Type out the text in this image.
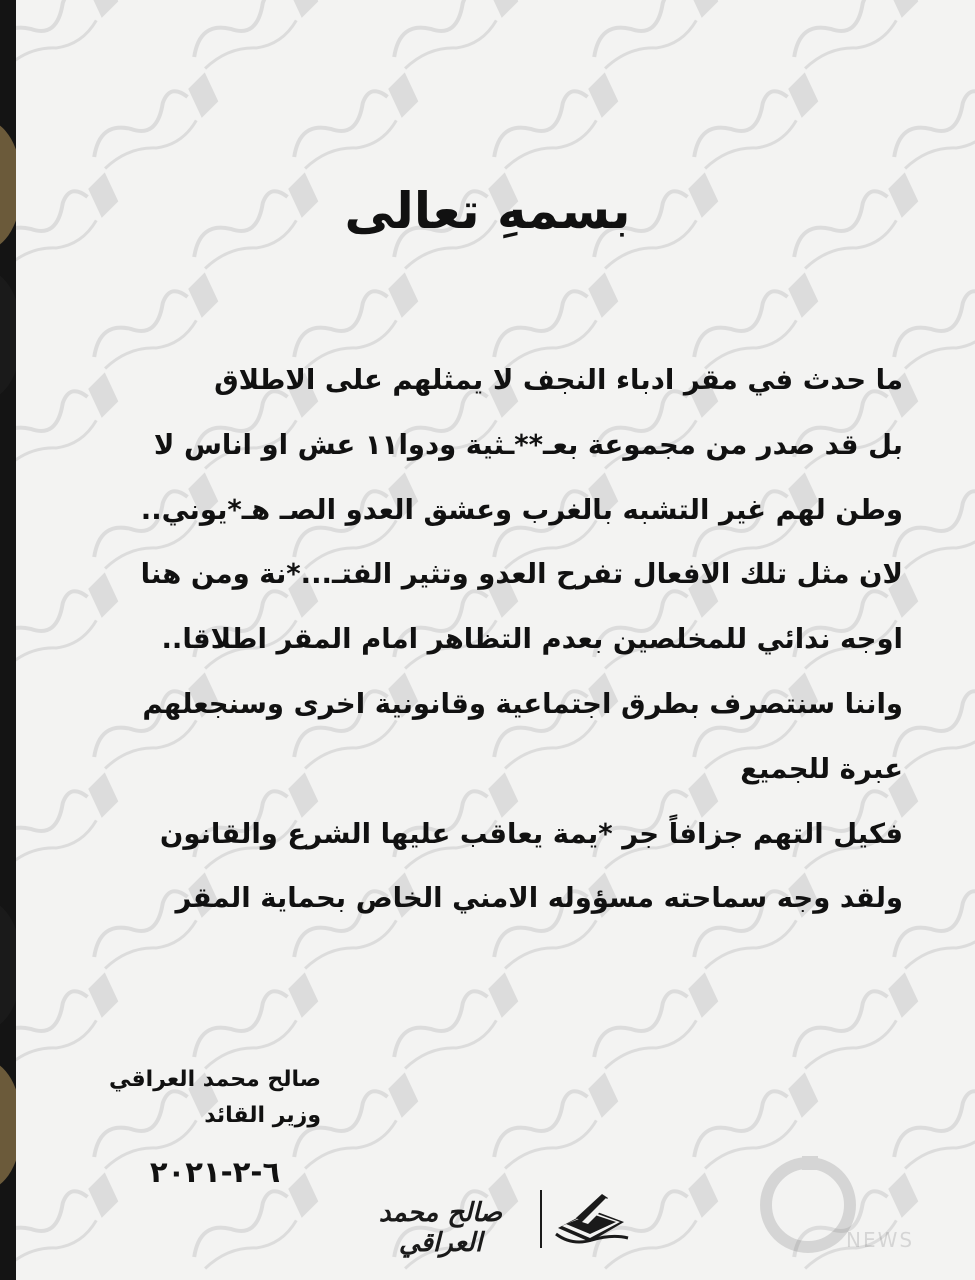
بسمهِ تعالى
ما حدث في مقر ادباء النجف لا يمثلهم على الاطلاق
بل قد صدر من مجموعة بعـ**ـثية ودوا١١ عش او اناس لا
وطن لهم غير التشبه بالغرب وعشق العدو الصـ هـ*يوني..
لان مثل تلك الافعال تفرح العدو وتثير الفتـ...*نة ومن هنا
اوجه ندائي للمخلصين بعدم التظاهر امام المقر اطلاقا..
واننا سنتصرف بطرق اجتماعية وقانونية اخرى وسنجعلهم
عبرة للجميع
فكيل التهم جزافاً جر *يمة يعاقب عليها الشرع والقانون
ولقد وجه سماحته مسؤوله الامني الخاص بحماية المقر
صالح محمد العراقي
وزير القائد
٦-٢-٢٠٢١
صالح محمد العراقي	NEWS
